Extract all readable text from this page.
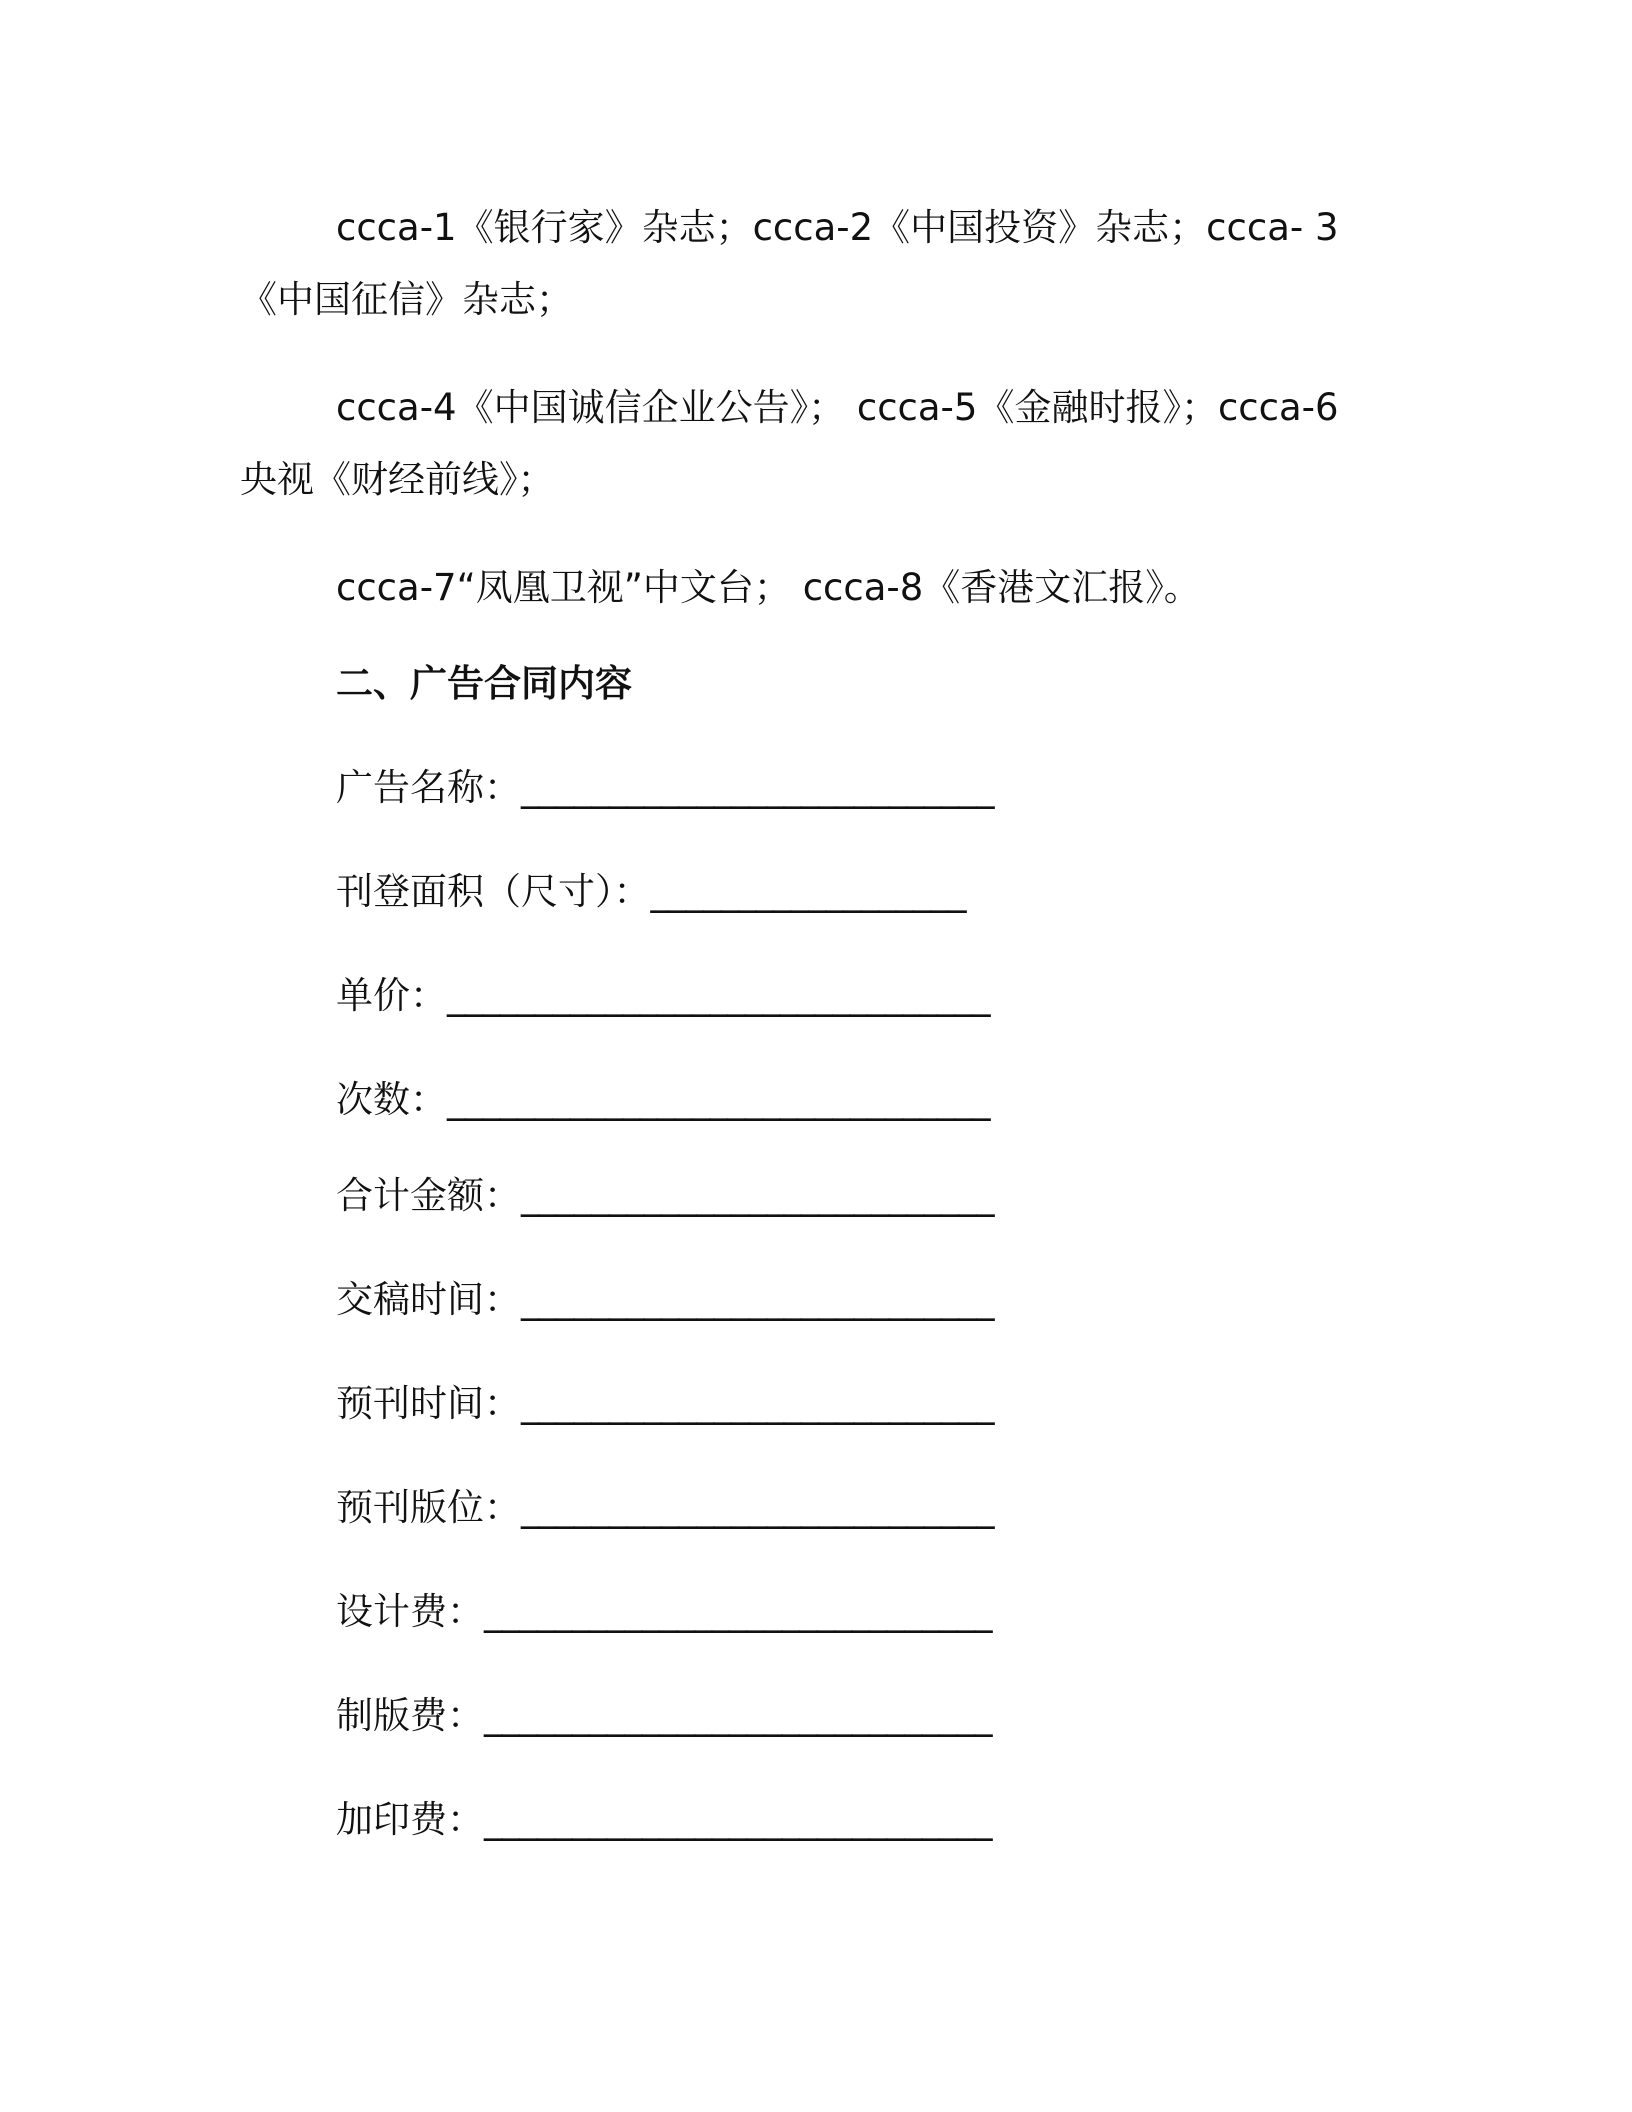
ccca-1《银行家》杂志；ccca-2《中国投资》杂志；ccca- 3《中国征信》杂志；
ccca-4《中国诚信企业公告》； ccca-5《金融时报》；ccca-6央视《财经前线》；
ccca-7“凤凰卫视”中文台； ccca-8《香港文汇报》。
二、广告合同内容
广告名称：___________________________
刊登面积（尺寸）：__________________
单价：_______________________________
次数：_______________________________
合计金额：___________________________
交稿时间：___________________________
预刊时间：___________________________
预刊版位：___________________________
设计费：_____________________________
制版费：_____________________________
加印费：_____________________________
